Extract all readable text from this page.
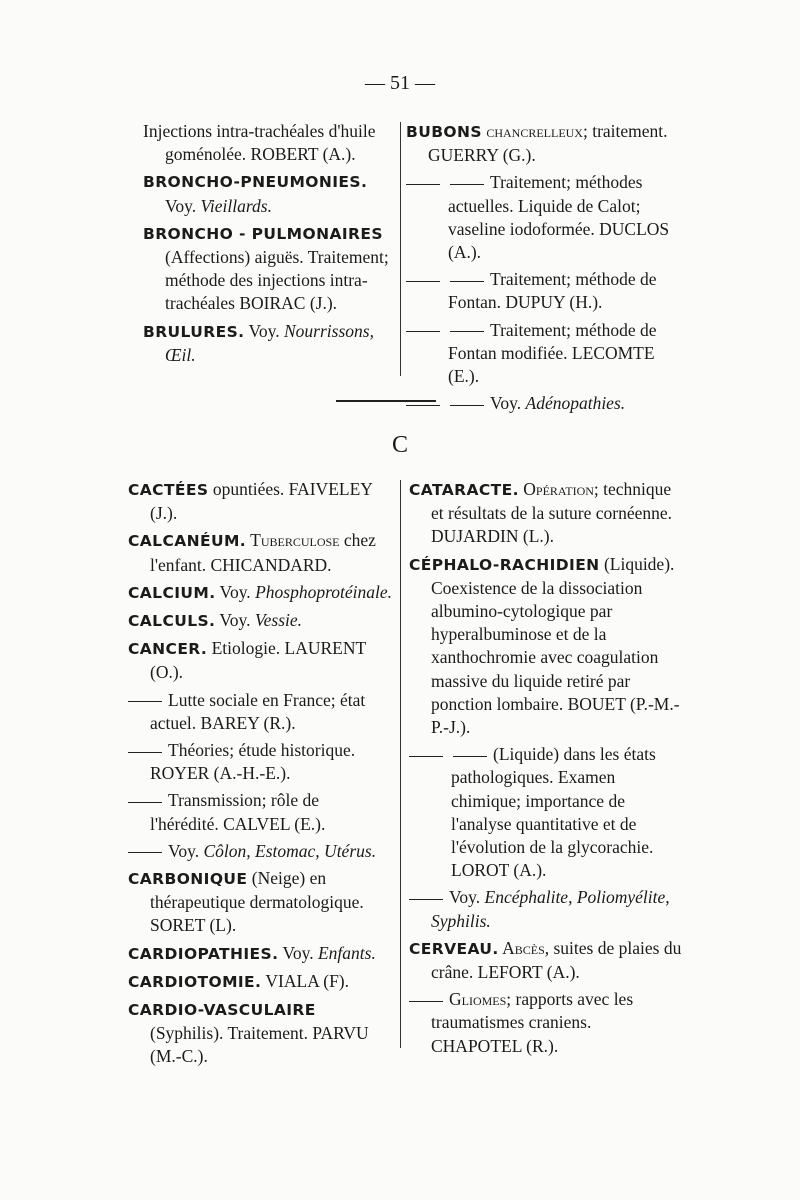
— 51 —
Injections intra-trachéales d'huile goménolée. ROBERT (A.).
BRONCHO-PNEUMONIES. Voy. Vieillards.
BRONCHO - PULMONAIRES (Affections) aiguës. Traitement; méthode des injections intra-trachéales BOIRAC (J.).
BRULURES. Voy. Nourrissons, Œil.
BUBONS chancrelleux; traitement. GUERRY (G.).
Traitement; méthodes actuelles. Liquide de Calot; vaseline iodoformée. DUCLOS (A.).
Traitement; méthode de Fontan. DUPUY (H.).
Traitement; méthode de Fontan modifiée. LECOMTE (E.).
Voy. Adénopathies.
C
CACTÉES opuntiées. FAIVELEY (J.).
CALCANÉUM. Tuberculose chez l'enfant. CHICANDARD.
CALCIUM. Voy. Phosphoprotéinale.
CALCULS. Voy. Vessie.
CANCER. Etiologie. LAURENT (O.).
Lutte sociale en France; état actuel. BAREY (R.).
Théories; étude historique. ROYER (A.-H.-E.).
Transmission; rôle de l'hérédité. CALVEL (E.).
Voy. Côlon, Estomac, Utérus.
CARBONIQUE (Neige) en thérapeutique dermatologique. SORET (L).
CARDIOPATHIES. Voy. Enfants.
CARDIOTOMIE. VIALA (F).
CARDIO-VASCULAIRE (Syphilis). Traitement. PARVU (M.-C.).
CATARACTE. Opération; technique et résultats de la suture cornéenne. DUJARDIN (L.).
CÉPHALO-RACHIDIEN (Liquide). Coexistence de la dissociation albumino-cytologique par hyperalbuminose et de la xanthochromie avec coagulation massive du liquide retiré par ponction lombaire. BOUET (P.-M.-P.-J.).
(Liquide) dans les états pathologiques. Examen chimique; importance de l'analyse quantitative et de l'évolution de la glycorachie. LOROT (A.).
Voy. Encéphalite, Poliomyélite, Syphilis.
CERVEAU. Abcès, suites de plaies du crâne. LEFORT (A.).
Gliomes; rapports avec les traumatismes craniens. CHAPOTEL (R.).
